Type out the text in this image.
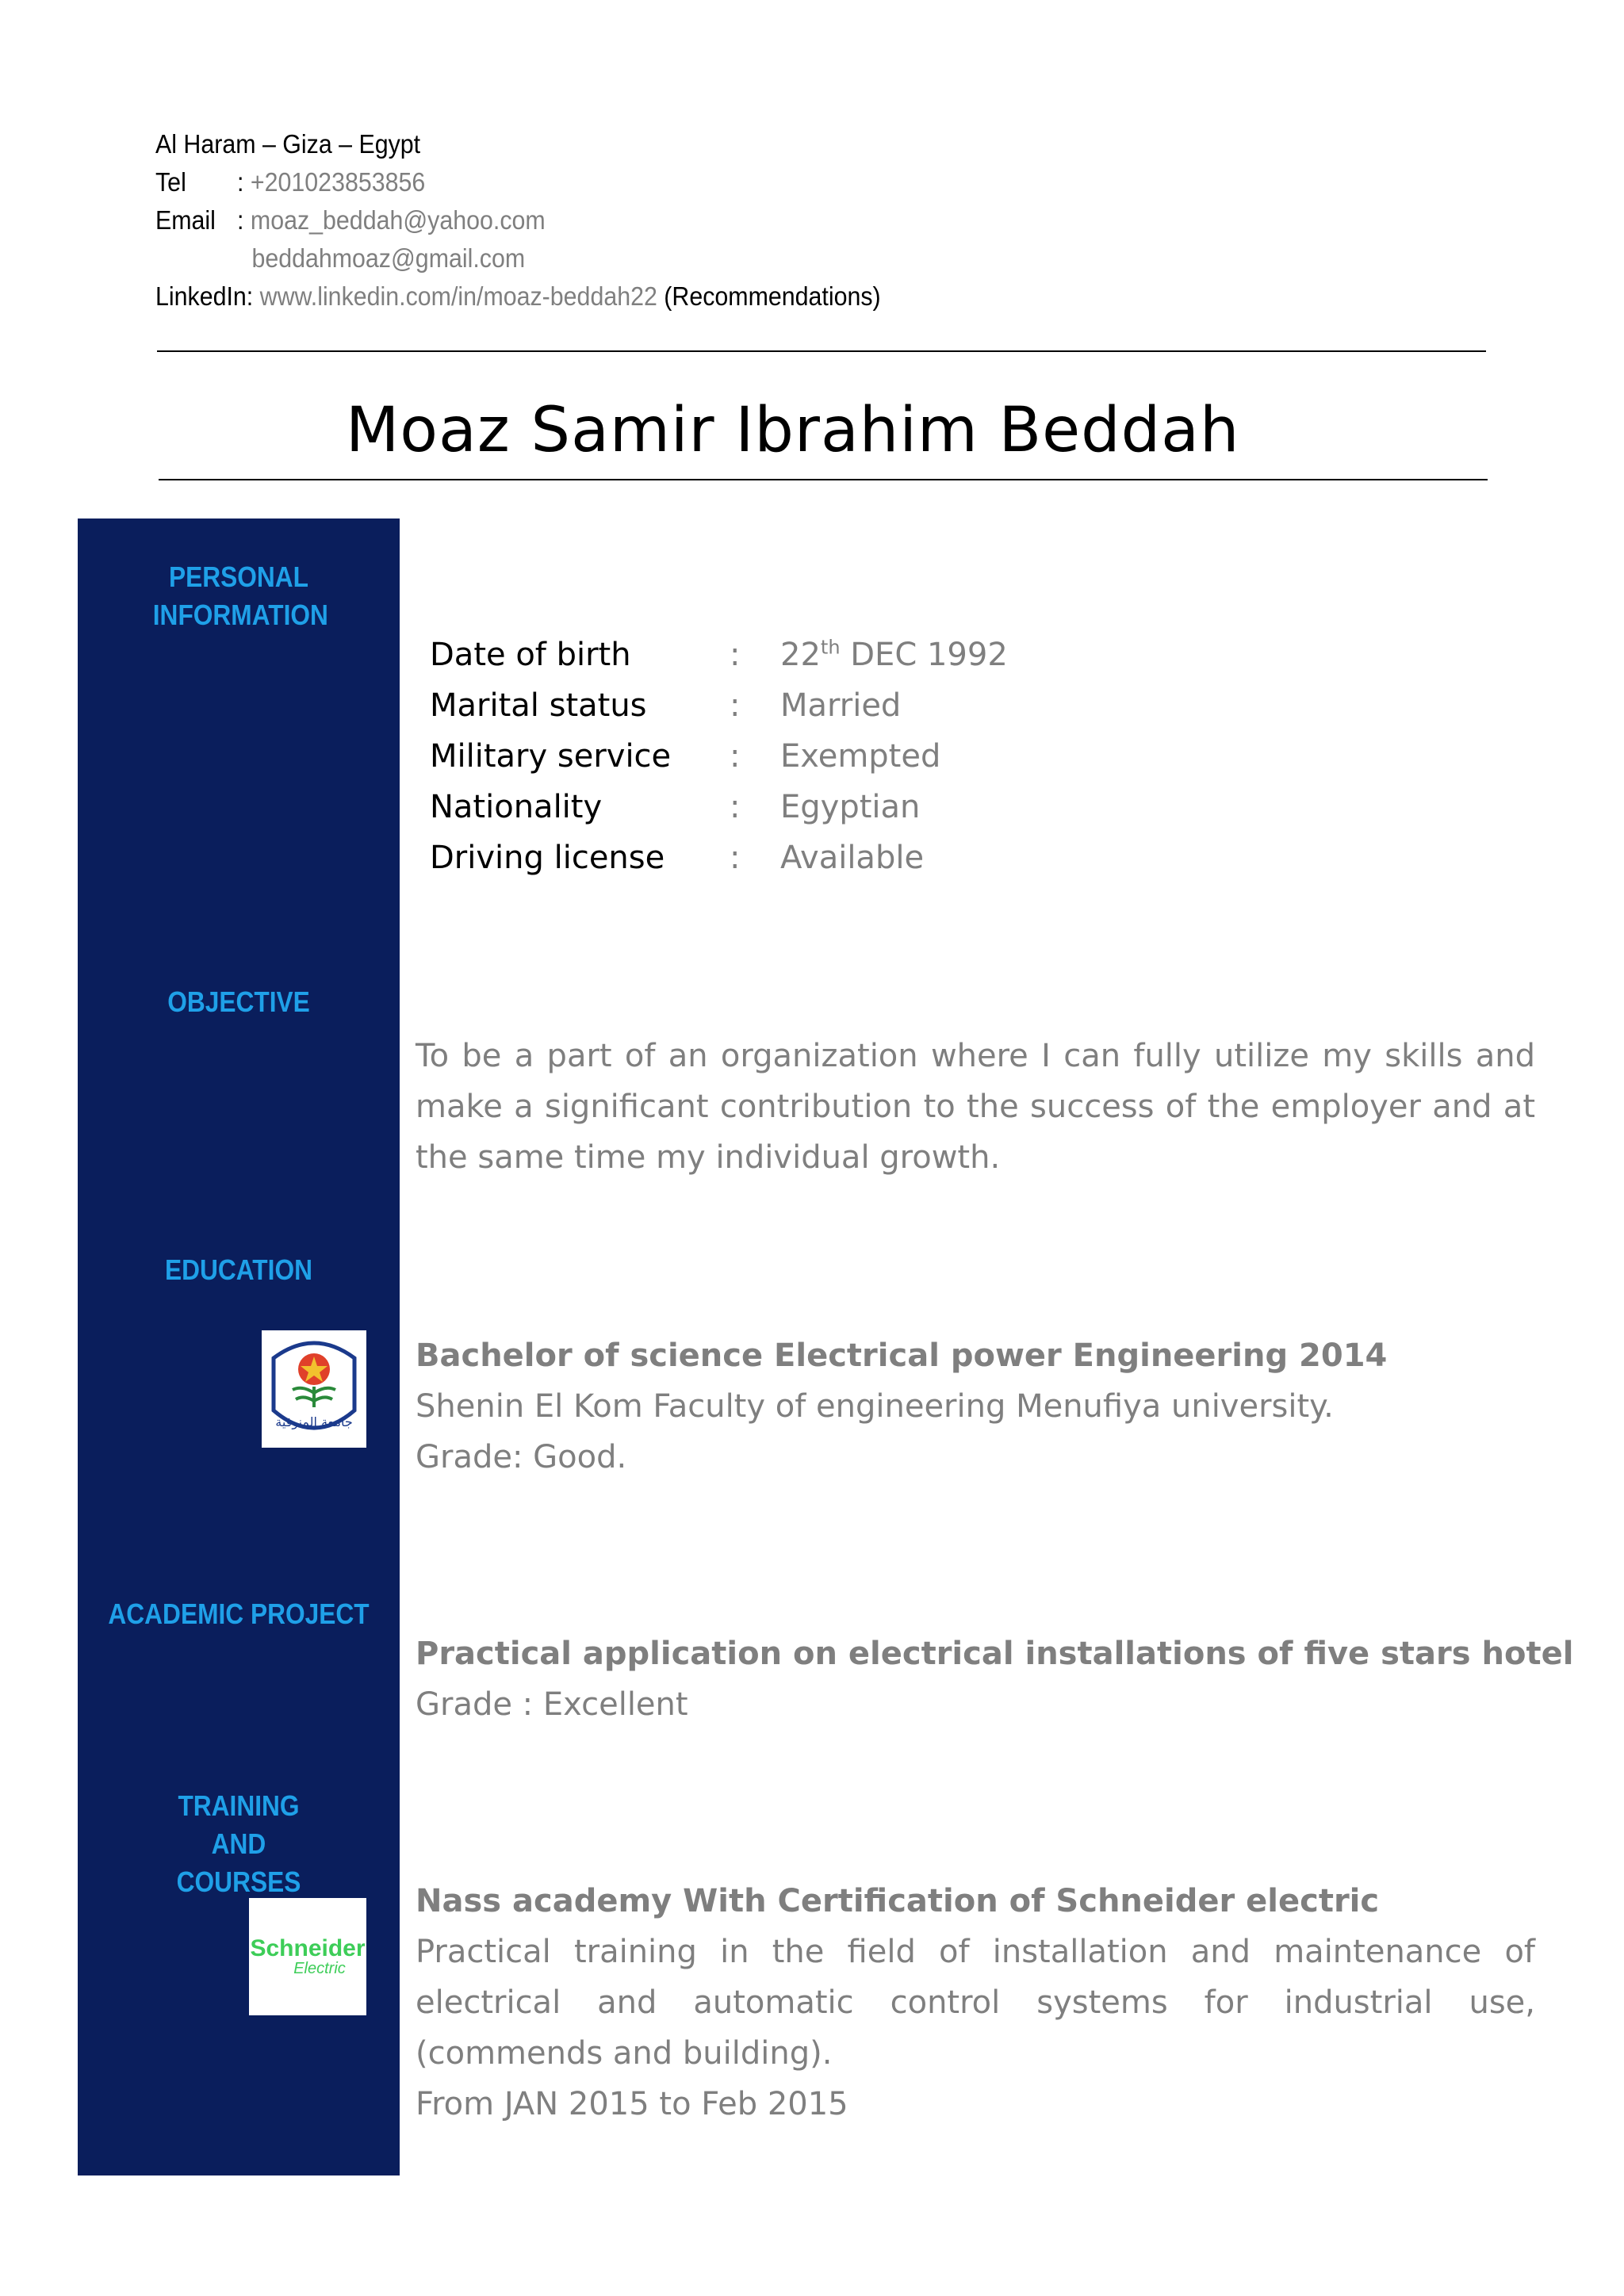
Al Haram – Giza – Egypt
Tel : +201023853856
Email : moaz_beddah@yahoo.com
beddahmoaz@gmail.com
LinkedIn: www.linkedin.com/in/moaz-beddah22 (Recommendations)
Moaz Samir Ibrahim Beddah
PERSONAL INFORMATION
OBJECTIVE
EDUCATION
ACADEMIC PROJECT
TRAINING AND COURSES
جامعة المنوفية
Schneider
Electric
Date of birth	: 22th DEC 1992
Marital status	: Married
Military service : Exempted
Nationality	: Egyptian
Driving license : Available
To be a part of an organization where I can fully utilize my skills and make a significant contribution to the success of the employer and at the same time my individual growth.
Bachelor of science Electrical power Engineering 2014
Shenin El Kom Faculty of engineering Menufiya university.
Grade: Good.
Practical application on electrical installations of five stars hotel
Grade : Excellent
Nass academy With Certification of Schneider electric
Practical training in the field of installation and maintenance of electrical and automatic control systems for industrial use, (commends and building).
From JAN 2015 to Feb 2015
